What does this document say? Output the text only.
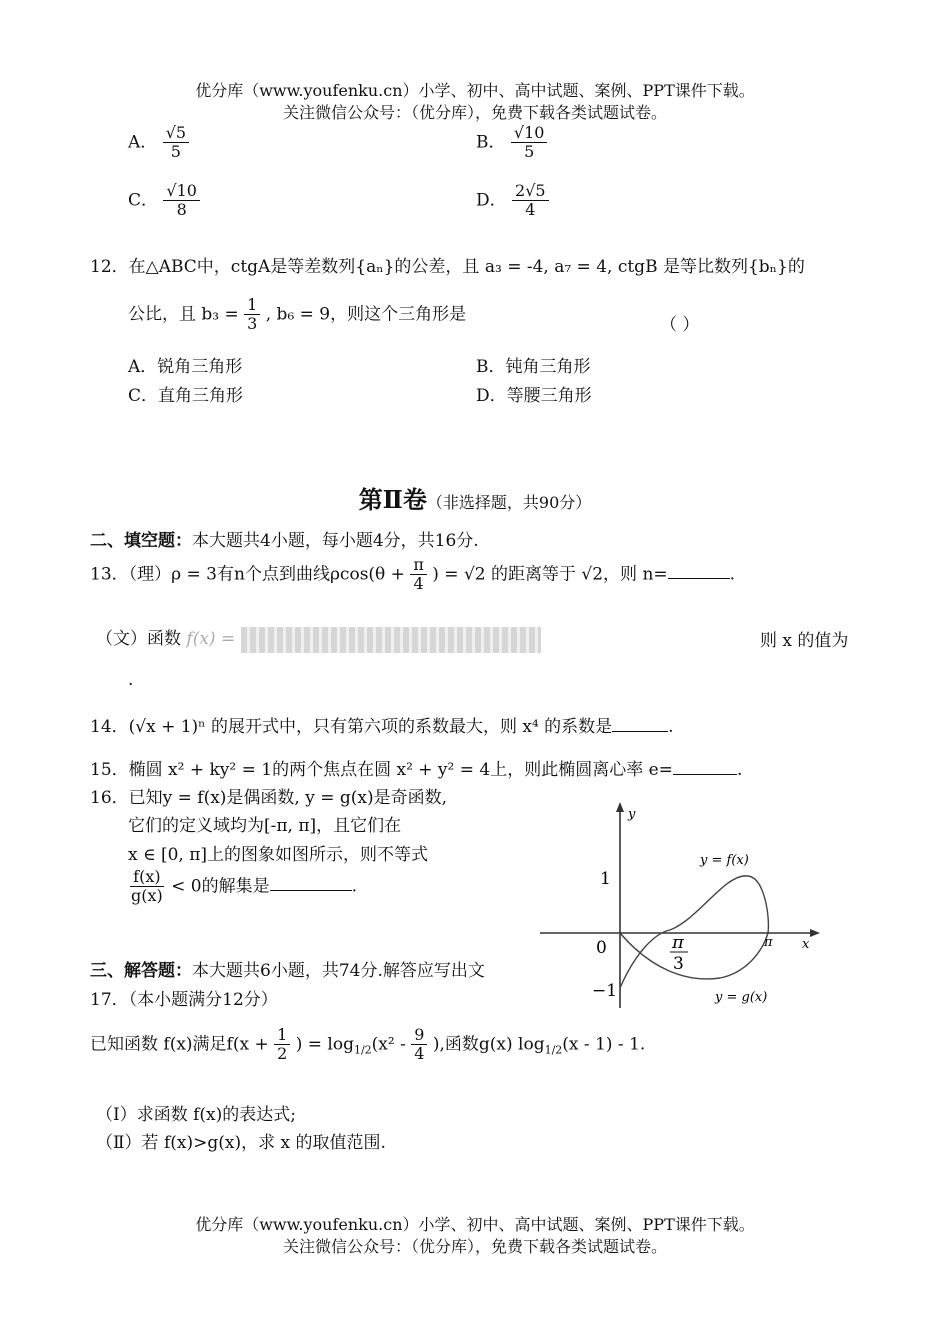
优分库（www.youfenku.cn）小学、初中、高中试题、案例、PPT课件下载。
关注微信公众号：（优分库），免费下载各类试题试卷。
A． $\frac{√5}{5}$	B． $\frac{√10}{5}$
C． $\frac{√10}{8}$	D． $\frac{2√5}{4}$
12．在△ABC中，ctgA是等差数列{aₙ}的公差，且 a₃ = -4, a₇ = 4, ctgB 是等比数列{bₙ}的
公比，且 $b_3 = \frac{1}{3}$ , b₆ = 9，则这个三角形是
（ ）
A．锐角三角形	B．钝角三角形
C．直角三角形	D．等腰三角形
第Ⅱ卷（非选择题，共90分）
二、填空题：本大题共4小题，每小题4分，共16分.
13．（理）ρ = 3有n个点到曲线$\rho\cos(\theta + \frac{\pi}{4}$ ) = √2 的距离等于 √2，则 n=	.
（文）函数 f(x) =	则 x 的值为
.
14．(√x + 1)ⁿ 的展开式中，只有第六项的系数最大，则 x⁴ 的系数是	.
15．椭圆 x² + ky² = 1的两个焦点在圆 x² + y² = 4上，则此椭圆离心率 e=	.
16．已知y = f(x)是偶函数, y = g(x)是奇函数,
它们的定义域均为[-π, π]，且它们在
x ∈ [0, π]上的图象如图所示，则不等式
$\frac{f(x)}{g(x)} < 0$的解集是	.
y
x
y = f(x)
y = g(x)
1
−1
0	π
π
3
三、解答题：本大题共6小题，共74分.解答应写出文
17．（本小题满分12分）
已知函数 f(x)满足$f(x + \frac{1}{2}$ ) = $\log_{1/2}(x^2 - \frac{9}{4}$ ),函数g(x) $\log_{1/2}(x - 1) - 1$.
（Ⅰ）求函数 f(x)的表达式;
（Ⅱ）若 f(x)>g(x)，求 x 的取值范围.
优分库（www.youfenku.cn）小学、初中、高中试题、案例、PPT课件下载。
关注微信公众号：（优分库），免费下载各类试题试卷。
